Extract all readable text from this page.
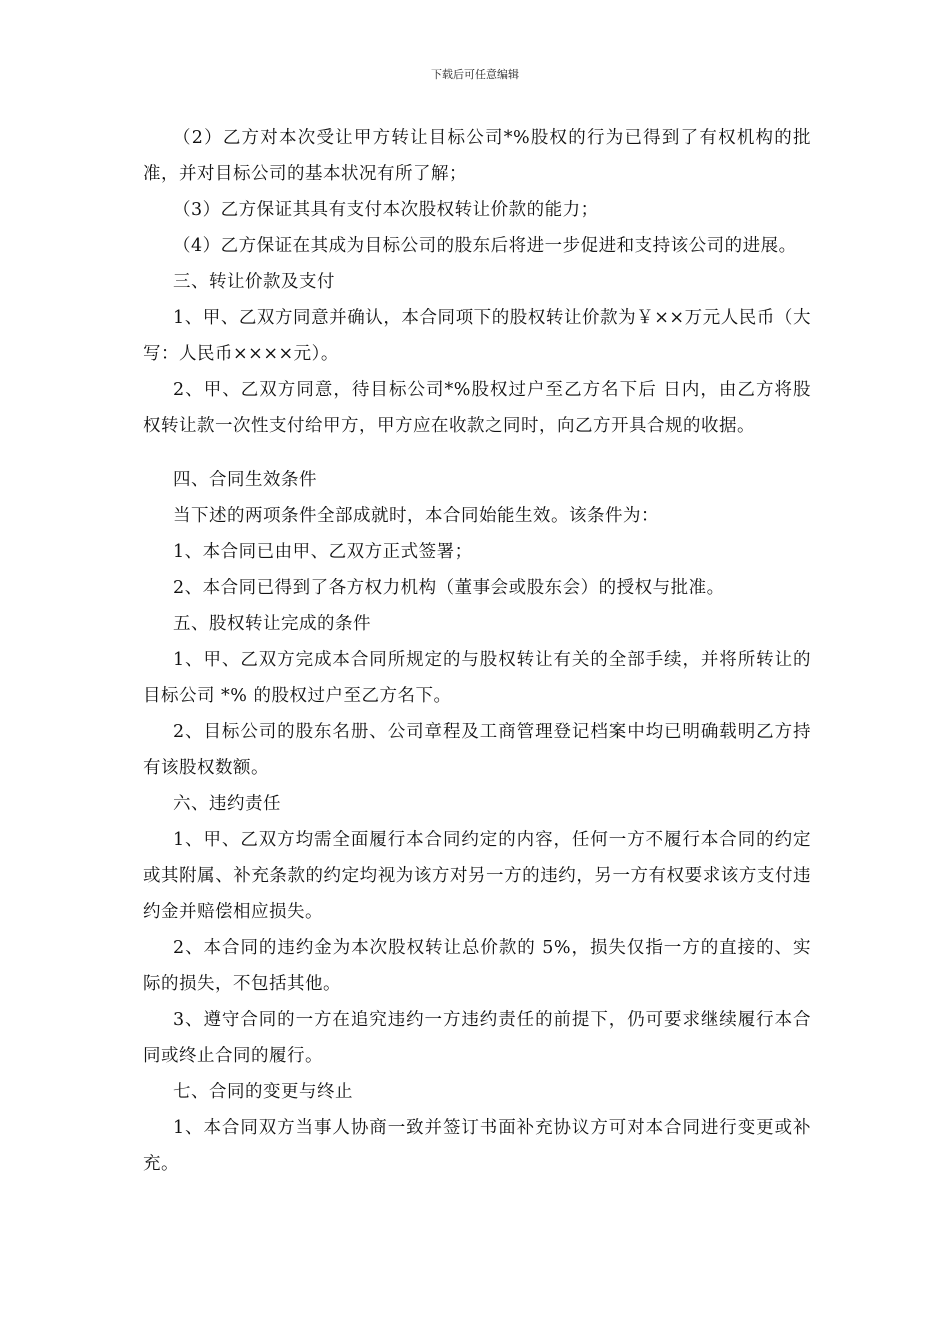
下载后可任意编辑

（2）乙方对本次受让甲方转让目标公司*%股权的行为已得到了有权机构的批准，并对目标公司的基本状况有所了解；

（3）乙方保证其具有支付本次股权转让价款的能力；

（4）乙方保证在其成为目标公司的股东后将进一步促进和支持该公司的进展。

三、转让价款及支付

1、甲、乙双方同意并确认，本合同项下的股权转让价款为￥××万元人民币（大写：人民币××××元）。

2、甲、乙双方同意，待目标公司*%股权过户至乙方名下后 日内，由乙方将股权转让款一次性支付给甲方，甲方应在收款之同时，向乙方开具合规的收据。

四、合同生效条件

当下述的两项条件全部成就时，本合同始能生效。该条件为：

1、本合同已由甲、乙双方正式签署；

2、本合同已得到了各方权力机构（董事会或股东会）的授权与批准。

五、股权转让完成的条件

1、甲、乙双方完成本合同所规定的与股权转让有关的全部手续，并将所转让的目标公司 *% 的股权过户至乙方名下。

2、目标公司的股东名册、公司章程及工商管理登记档案中均已明确载明乙方持有该股权数额。

六、违约责任

1、甲、乙双方均需全面履行本合同约定的内容，任何一方不履行本合同的约定或其附属、补充条款的约定均视为该方对另一方的违约，另一方有权要求该方支付违约金并赔偿相应损失。

2、本合同的违约金为本次股权转让总价款的 5%，损失仅指一方的直接的、实际的损失，不包括其他。

3、遵守合同的一方在追究违约一方违约责任的前提下，仍可要求继续履行本合同或终止合同的履行。

七、合同的变更与终止

1、本合同双方当事人协商一致并签订书面补充协议方可对本合同进行变更或补充。
